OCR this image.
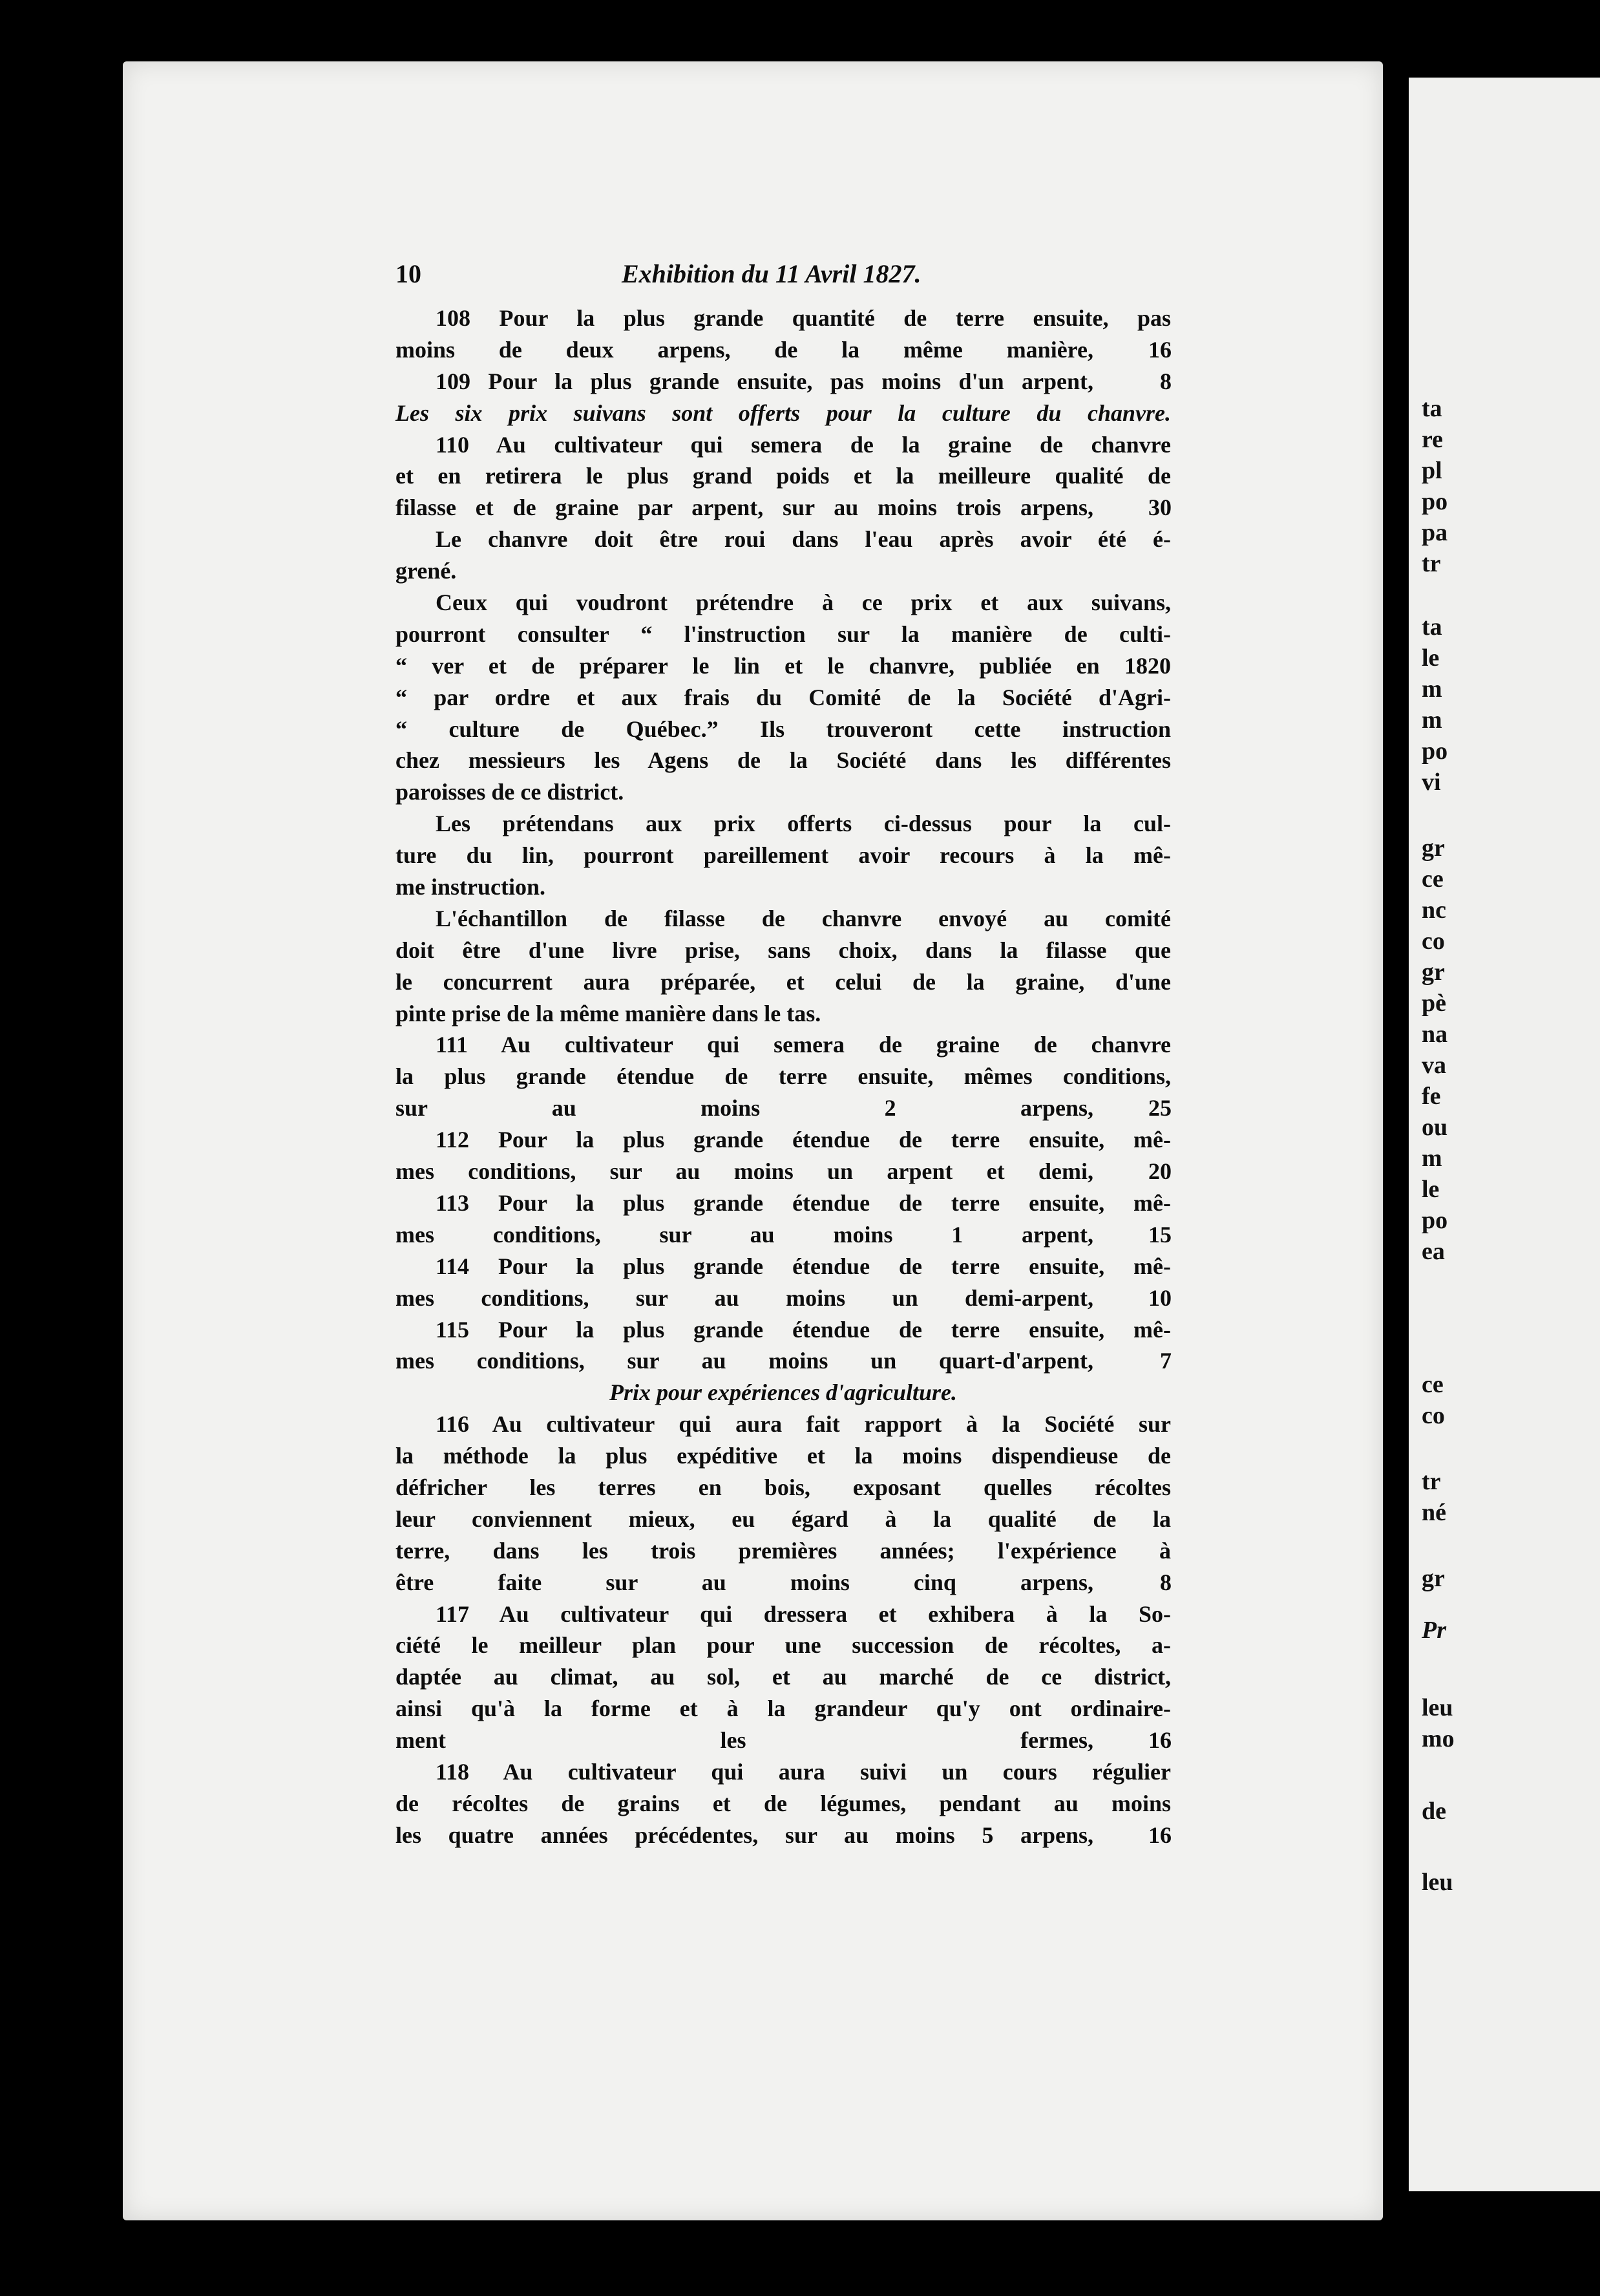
ta
re
pl
po
pa
tr
ta
le
m
m
po
vi
gr
ce
nc
co
gr
pè
na
va
fe
ou
m
le
po
ea
ce
co
tr
né
gr
Pr
leu
mo
de
leu
10	Exhibition du 11 Avril 1827.
108 Pour la plus grande quantité de terre ensuite, pas
moins de deux arpens, de la même manière,	16
109 Pour la plus grande ensuite, pas moins d'un arpent,	8
Les six prix suivans sont offerts pour la culture du chanvre.
110 Au cultivateur qui semera de la graine de chanvre
et en retirera le plus grand poids et la meilleure qualité de
filasse et de graine par arpent, sur au moins trois arpens,	30
Le chanvre doit être roui dans l'eau après avoir été é-
grené.
Ceux qui voudront prétendre à ce prix et aux suivans,
pourront consulter “ l'instruction sur la manière de culti-
“ ver et de préparer le lin et le chanvre, publiée en 1820
“ par ordre et aux frais du Comité de la Société d'Agri-
“ culture de Québec.” Ils trouveront cette instruction
chez messieurs les Agens de la Société dans les différentes
paroisses de ce district.
Les prétendans aux prix offerts ci-dessus pour la cul-
ture du lin, pourront pareillement avoir recours à la mê-
me instruction.
L'échantillon de filasse de chanvre envoyé au comité
doit être d'une livre prise, sans choix, dans la filasse que
le concurrent aura préparée, et celui de la graine, d'une
pinte prise de la même manière dans le tas.
111 Au cultivateur qui semera de graine de chanvre
la plus grande étendue de terre ensuite, mêmes conditions,
sur au moins 2 arpens,	25
112 Pour la plus grande étendue de terre ensuite, mê-
mes conditions, sur au moins un arpent et demi,	20
113 Pour la plus grande étendue de terre ensuite, mê-
mes conditions, sur au moins 1 arpent,	15
114 Pour la plus grande étendue de terre ensuite, mê-
mes conditions, sur au moins un demi-arpent,	10
115 Pour la plus grande étendue de terre ensuite, mê-
mes conditions, sur au moins un quart-d'arpent,	7
Prix pour expériences d'agriculture.
116 Au cultivateur qui aura fait rapport à la Société sur
la méthode la plus expéditive et la moins dispendieuse de
défricher les terres en bois, exposant quelles récoltes
leur conviennent mieux, eu égard à la qualité de la
terre, dans les trois premières années; l'expérience à
être faite sur au moins cinq arpens,	8
117 Au cultivateur qui dressera et exhibera à la So-
ciété le meilleur plan pour une succession de récoltes, a-
daptée au climat, au sol, et au marché de ce district,
ainsi qu'à la forme et à la grandeur qu'y ont ordinaire-
ment les fermes,	16
118 Au cultivateur qui aura suivi un cours régulier
de récoltes de grains et de légumes, pendant au moins
les quatre années précédentes, sur au moins 5 arpens,	16
